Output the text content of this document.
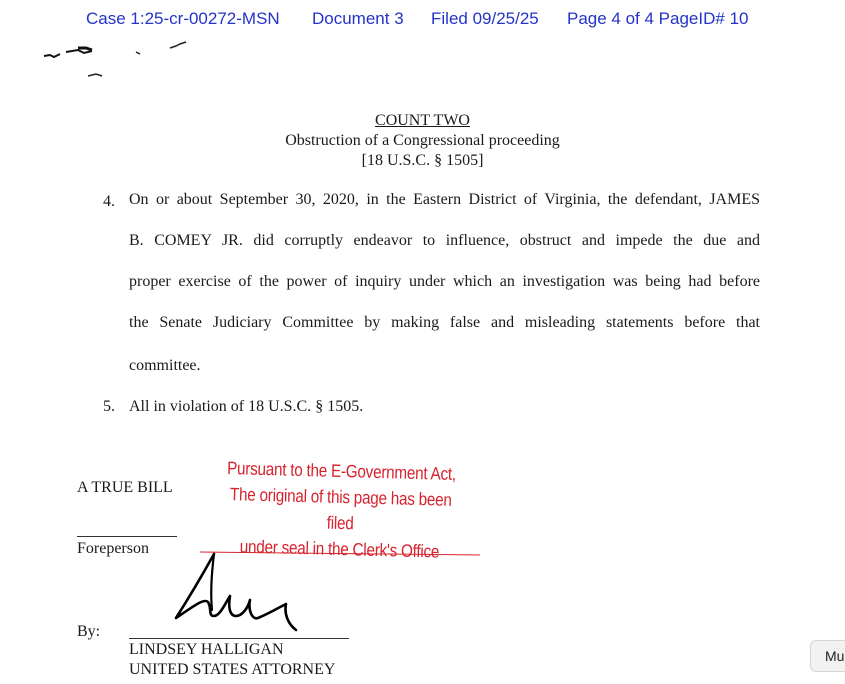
Case 1:25-cr-00272-MSN Document 3 Filed 09/25/25 Page 4 of 4 PageID# 10
COUNT TWO
Obstruction of a Congressional proceeding
[18 U.S.C. § 1505]
4. On or about September 30, 2020, in the Eastern District of Virginia, the defendant, JAMES
B. COMEY JR. did corruptly endeavor to influence, obstruct and impede the due and
proper exercise of the power of inquiry under which an investigation was being had before
the Senate Judiciary Committee by making false and misleading statements before that
committee.
5. All in violation of 18 U.S.C. § 1505.
A TRUE BILL
Pursuant to the E-Government Act,
The original of this page has been filed
under seal in the Clerk's Office
Foreperson
By:
LINDSEY HALLIGAN
UNITED STATES ATTORNEY
Mu
